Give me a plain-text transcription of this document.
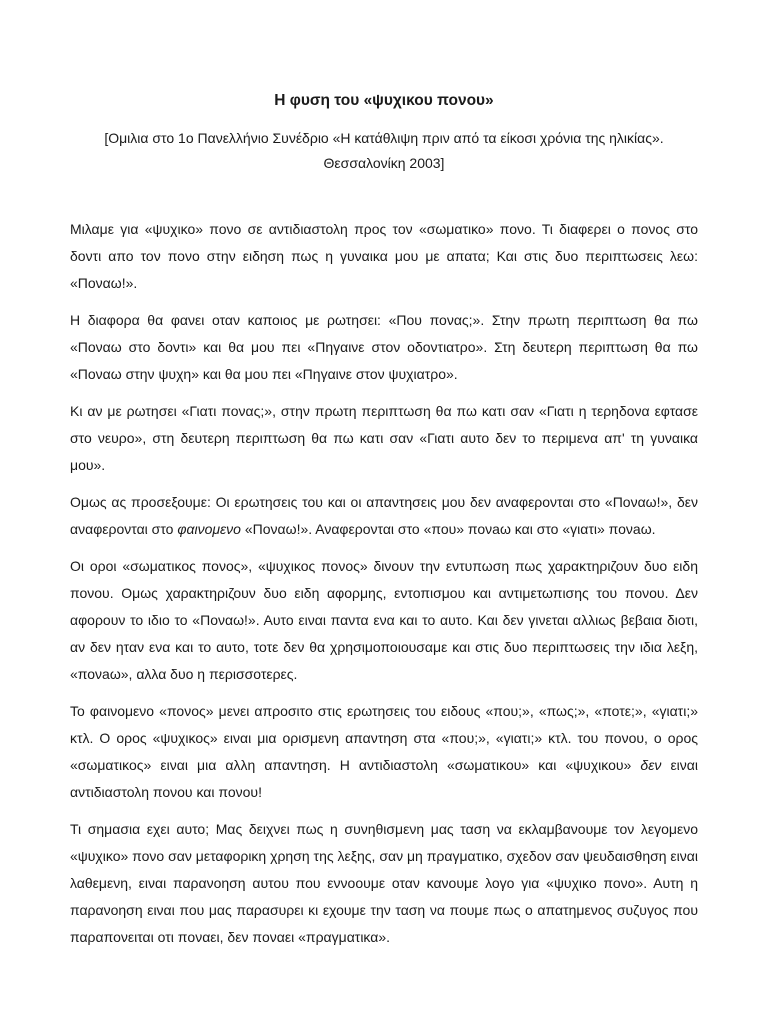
Η φυση του «ψυχικου πονου»
[Ομιλια στο 1ο Πανελλήνιο Συνέδριο «Η κατάθλιψη πριν από τα είκοσι χρόνια της ηλικίας».
Θεσσαλονίκη 2003]

Μιλαμε για «ψυχικο» πονο σε αντιδιαστολη προς τον «σωματικο» πονο. Τι διαφερει ο πονος στο δοντι απο τον πονο στην ειδηση πως η γυναικα μου με απατα; Και στις δυο περιπτωσεις λεω: «Ποναω!».

Η διαφορα θα φανει οταν καποιος με ρωτησει: «Που πονας;». Στην πρωτη περιπτωση θα πω «Ποναω στο δοντι» και θα μου πει «Πηγαινε στον οδοντιατρο». Στη δευτερη περιπτωση θα πω «Ποναω στην ψυχη» και θα μου πει «Πηγαινε στον ψυχιατρο».

Κι αν με ρωτησει «Γιατι πονας;», στην πρωτη περιπτωση θα πω κατι σαν «Γιατι η τερηδονα εφτασε στο νευρο», στη δευτερη περιπτωση θα πω κατι σαν «Γιατι αυτο δεν το περιμενα απ' τη γυναικα μου».

Ομως ας προσεξουμε: Οι ερωτησεις του και οι απαντησεις μου δεν αναφερονται στο «Ποναω!», δεν αναφερονται στο φαινομενο «Ποναω!». Αναφερονται στο «που» πονaω και στο «γιατι» πονaω.

Οι οροι «σωματικος πονος», «ψυχικος πονος» δινουν την εντυπωση πως χαρακτηριζουν δυο ειδη πονου. Ομως χαρακτηριζουν δυο ειδη αφορμης, εντοπισμου και αντιμετωπισης του πονου. Δεν αφορουν το ιδιο το «Ποναω!». Αυτο ειναι παντα ενα και το αυτο. Και δεν γινεται αλλιως βεβαια διοτι, αν δεν ηταν ενα και το αυτο, τοτε δεν θα χρησιμοποιουσαμε και στις δυο περιπτωσεις την ιδια λεξη, «πονaω», αλλα δυο η περισσοτερες.

Το φαινομενο «πονος» μενει απροσιτο στις ερωτησεις του ειδους «που;», «πως;», «ποτε;», «γιατι;» κτλ. Ο ορος «ψυχικος» ειναι μια ορισμενη απαντηση στα «που;», «γιατι;» κτλ. του πονου, ο ορος «σωματικος» ειναι μια αλλη απαντηση. Η αντιδιαστολη «σωματικου» και «ψυχικου» δεν ειναι αντιδιαστολη πονου και πονου!

Τι σημασια εχει αυτο; Μας δειχνει πως η συνηθισμενη μας ταση να εκλαμβανουμε τον λεγομενο «ψυχικο» πονο σαν μεταφορικη χρηση της λεξης, σαν μη πραγματικο, σχεδον σαν ψευδαισθηση ειναι λαθεμενη, ειναι παρανοηση αυτου που εννοουμε οταν κανουμε λογο για «ψυχικο πονο». Αυτη η παρανοηση ειναι που μας παρασυρει κι εχουμε την ταση να πουμε πως ο απατημενος συζυγος που παραπονειται οτι πoναει, δεν πoναει «πραγματικα».
